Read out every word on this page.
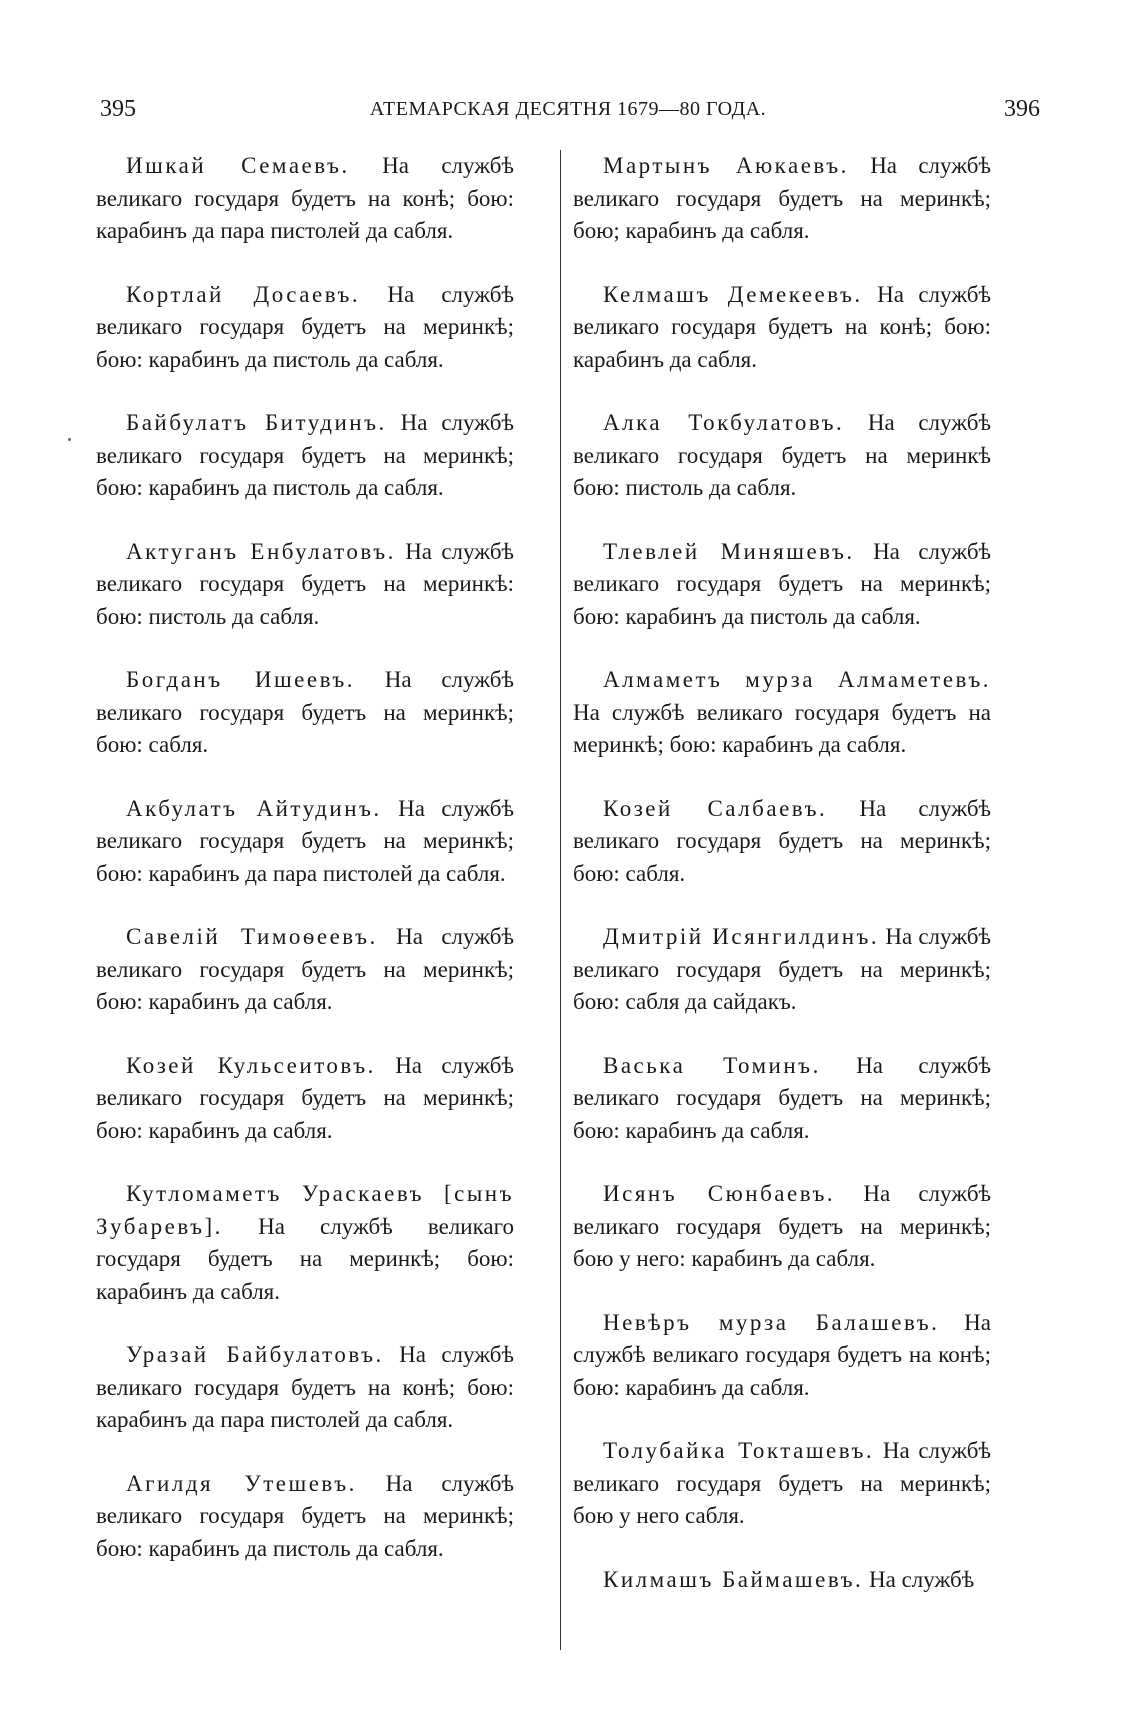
395	АТЕМАРСКАЯ ДЕСЯТНЯ 1679—80 ГОДА.	396

Ишкай Семаевъ. На службѣ великаго государя будетъ на конѣ; бою: карабинъ да пара пистолей да сабля.

Кортлай Досаевъ. На службѣ великаго государя будетъ на меринкѣ; бою: карабинъ да пистоль да сабля.

Байбулатъ Битудинъ. На службѣ великаго государя будетъ на меринкѣ; бою: карабинъ да пистоль да сабля.

Актуганъ Енбулатовъ. На службѣ великаго государя будетъ на меринкѣ: бою: пистоль да сабля.

Богданъ Ишеевъ. На службѣ великаго государя будетъ на меринкѣ; бою: сабля.

Акбулатъ Айтудинъ. На службѣ великаго государя будетъ на меринкѣ; бою: карабинъ да пара пистолей да сабля.

Савелій Тимоѳеевъ. На службѣ великаго государя будетъ на меринкѣ; бою: карабинъ да сабля.

Козей Кульсеитовъ. На службѣ великаго государя будетъ на меринкѣ; бою: карабинъ да сабля.

Кутломаметъ Ураскаевъ [сынъ Зубаревъ]. На службѣ великаго государя будетъ на меринкѣ; бою: карабинъ да сабля.

Уразай Байбулатовъ. На службѣ великаго государя будетъ на конѣ; бою: карабинъ да пара пистолей да сабля.

Агилдя Утешевъ. На службѣ великаго государя будетъ на меринкѣ; бою: карабинъ да пистоль да сабля.

Мартынъ Аюкаевъ. На службѣ великаго государя будетъ на меринкѣ; бою; карабинъ да сабля.

Келмашъ Демекеевъ. На службѣ великаго государя будетъ на конѣ; бою: карабинъ да сабля.

Алка Токбулатовъ. На службѣ великаго государя будетъ на меринкѣ бою: пистоль да сабля.

Тлевлей Миняшевъ. На службѣ великаго государя будетъ на меринкѣ; бою: карабинъ да пистоль да сабля.

Алмаметъ мурза Алмаметевъ. На службѣ великаго государя будетъ на меринкѣ; бою: карабинъ да сабля.

Козей Салбаевъ. На службѣ великаго государя будетъ на меринкѣ; бою: сабля.

Дмитрій Исянгилдинъ. На службѣ великаго государя будетъ на меринкѣ; бою: сабля да сайдакъ.

Васька Томинъ. На службѣ великаго государя будетъ на меринкѣ; бою: карабинъ да сабля.

Исянъ Сюнбаевъ. На службѣ великаго государя будетъ на меринкѣ; бою у него: карабинъ да сабля.

Невѣръ мурза Балашевъ. На службѣ великаго государя будетъ на конѣ; бою: карабинъ да сабля.

Толубайка Токташевъ. На службѣ великаго государя будетъ на меринкѣ; бою у него сабля.

Килмашъ Баймашевъ. На службѣ
